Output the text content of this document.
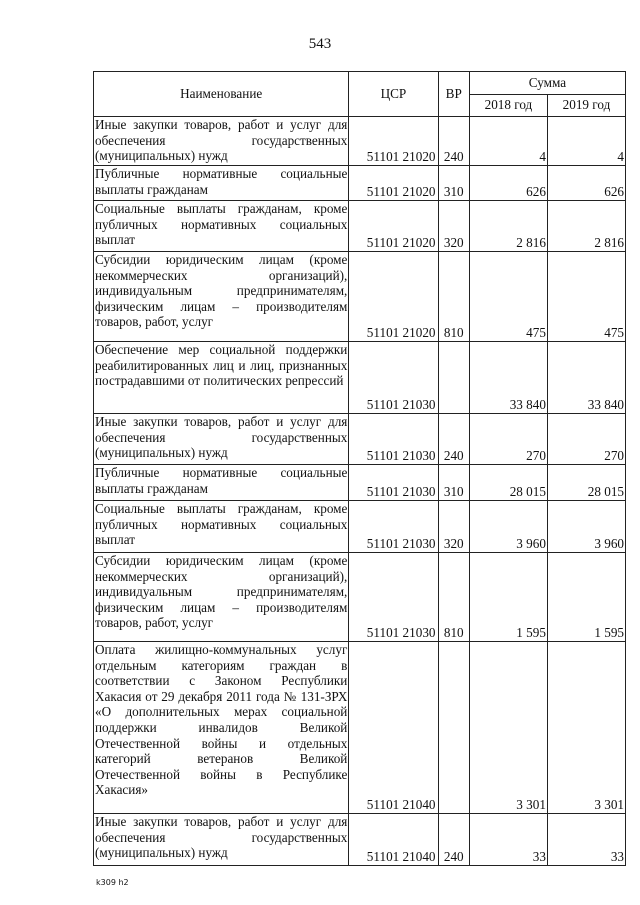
543
Наименование	ЦСР	ВР	Сумма	
			2018 год	2019 год
Иные закупки товаров, работ и услуг для обеспечения государственных (муниципальных) нужд	51101 21020	240	4	4
Публичные нормативные социальные выплаты гражданам	51101 21020	310	626	626
Социальные выплаты гражданам, кроме публичных нормативных социальных выплат	51101 21020	320	2 816	2 816
Субсидии юридическим лицам (кроме некоммерческих организаций), индивидуальным предпринимателям, физическим лицам – производителям товаров, работ, услуг	51101 21020	810	475	475
Обеспечение мер социальной поддержки реабилитированных лиц и лиц, признанных пострадавшими от политических репрессий	51101 21030		33 840	33 840
Иные закупки товаров, работ и услуг для обеспечения государственных (муниципальных) нужд	51101 21030	240	270	270
Публичные нормативные социальные выплаты гражданам	51101 21030	310	28 015	28 015
Социальные выплаты гражданам, кроме публичных нормативных социальных выплат	51101 21030	320	3 960	3 960
Субсидии юридическим лицам (кроме некоммерческих организаций), индивидуальным предпринимателям, физическим лицам – производителям товаров, работ, услуг	51101 21030	810	1 595	1 595
Оплата жилищно-коммунальных услуг отдельным категориям граждан в соответствии с Законом Республики Хакасия от 29 декабря 2011 года № 131-ЗРХ «О дополнительных мерах социальной поддержки инвалидов Великой Отечественной войны и отдельных категорий ветеранов Великой Отечественной войны в Республике Хакасия»	51101 21040		3 301	3 301
Иные закупки товаров, работ и услуг для обеспечения государственных (муниципальных) нужд	51101 21040	240	33	33
k309 h2
